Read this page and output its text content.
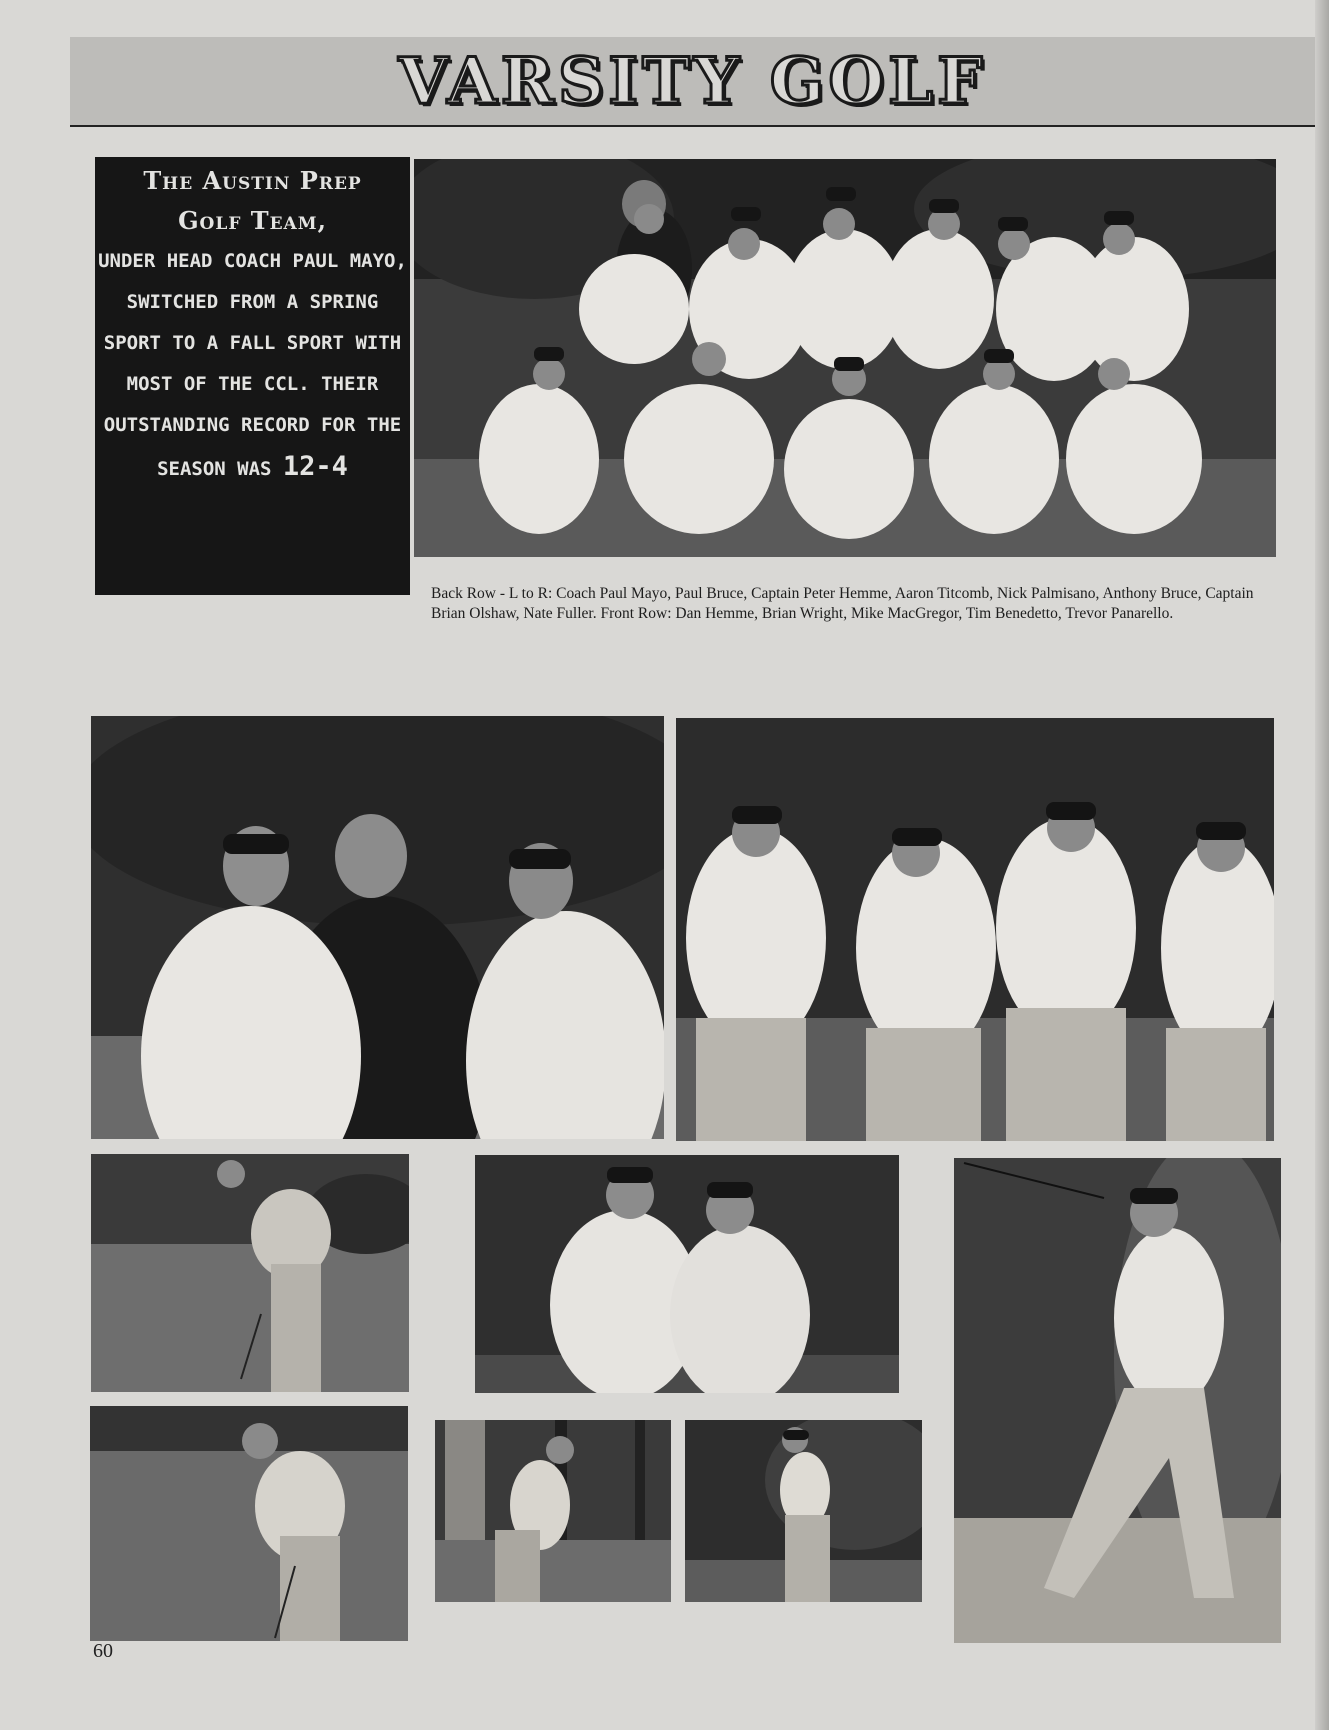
VARSITY GOLF
The Austin Prep
Golf Team,
UNDER HEAD COACH PAUL MAYO, SWITCHED FROM A SPRING SPORT TO A FALL SPORT WITH MOST OF THE CCL. THEIR OUTSTANDING RECORD FOR THE SEASON WAS 12-4
Back Row - L to R: Coach Paul Mayo, Paul Bruce, Captain Peter Hemme, Aaron Titcomb, Nick Palmisano, Anthony Bruce, Captain Brian Olshaw, Nate Fuller. Front Row: Dan Hemme, Brian Wright, Mike MacGregor, Tim Benedetto, Trevor Panarello.
60
